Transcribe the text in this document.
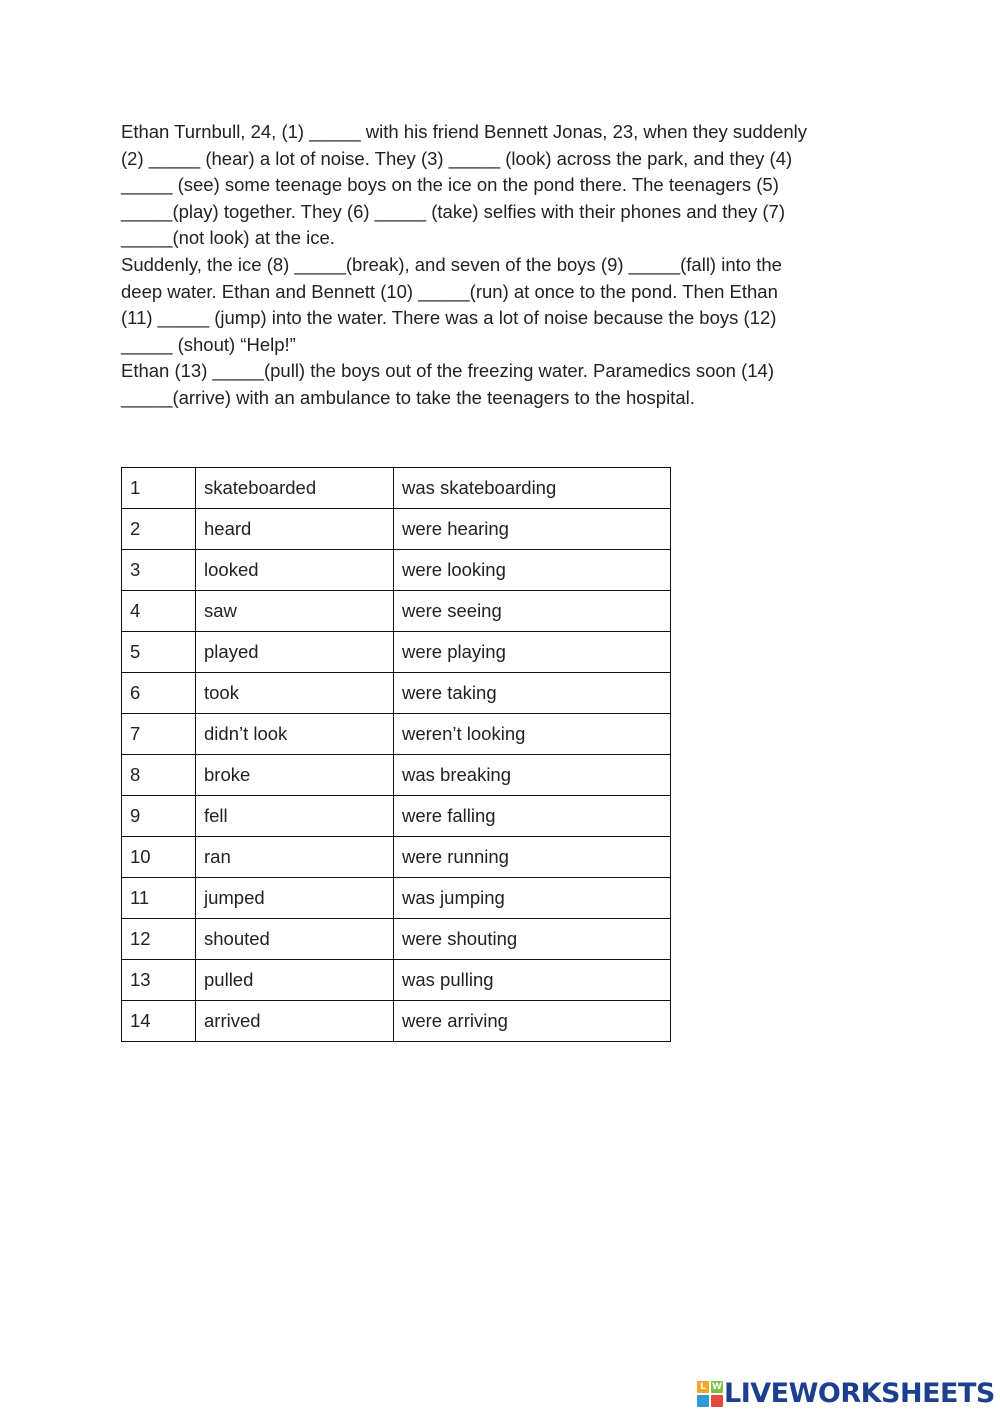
Ethan Turnbull, 24, (1) _____ with his friend Bennett Jonas, 23, when they suddenly
(2) _____ (hear) a lot of noise. They (3) _____ (look) across the park, and they (4)
_____ (see) some teenage boys on the ice on the pond there. The teenagers (5)
_____(play) together. They (6) _____ (take) selfies with their phones and they (7)
_____(not look) at the ice.

Suddenly, the ice (8) _____(break), and seven of the boys (9) _____(fall) into the
deep water. Ethan and Bennett (10) _____(run) at once to the pond. Then Ethan
(11) _____ (jump) into the water. There was a lot of noise because the boys (12)
_____ (shout) “Help!”

Ethan (13) _____(pull) the boys out of the freezing water. Paramedics soon (14)
_____(arrive) with an ambulance to take the teenagers to the hospital.

1	skateboarded	was skateboarding
2	heard	were hearing
3	looked	were looking
4	saw	were seeing
5	played	were playing
6	took	were taking
7	didn’t look	weren’t looking
8	broke	was breaking
9	fell	were falling
10	ran	were running
11	jumped	was jumping
12	shouted	were shouting
13	pulled	was pulling
14	arrived	were arriving
L W LIVEWORKSHEETS
